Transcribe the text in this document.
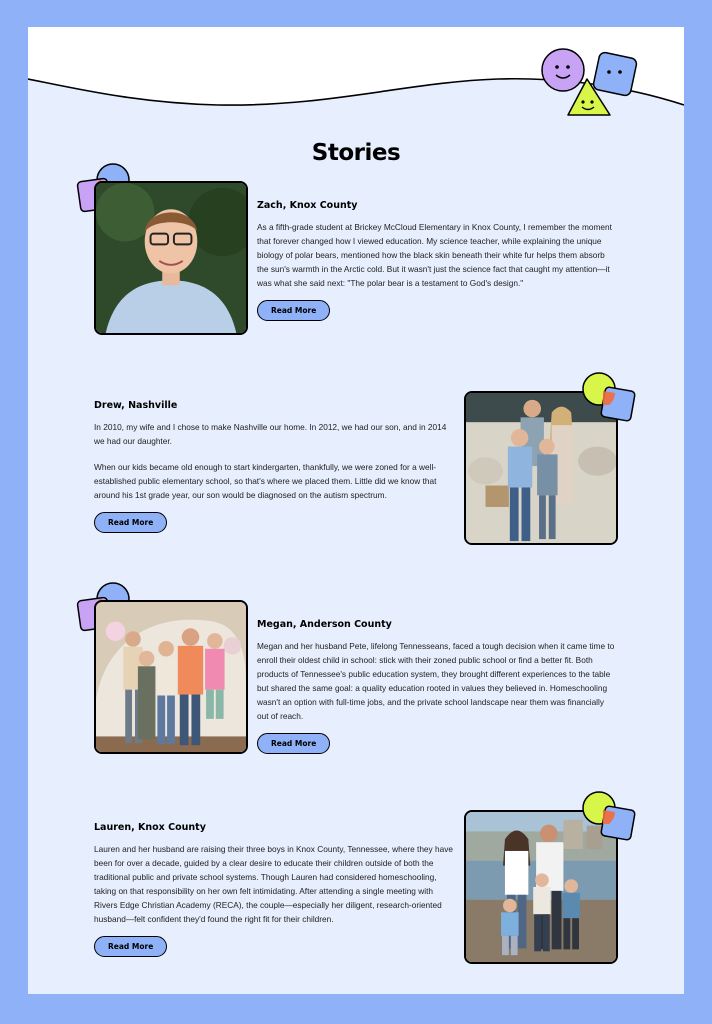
Stories
Zach, Knox County

As a fifth-grade student at Brickey McCloud Elementary in Knox County, I remember the moment that forever changed how I viewed education. My science teacher, while explaining the unique biology of polar bears, mentioned how the black skin beneath their white fur helps them absorb the sun's warmth in the Arctic cold. But it wasn't just the science fact that caught my attention—it was what she said next: "The polar bear is a testament to God's design."

Read More
Drew, Nashville

In 2010, my wife and I chose to make Nashville our home. In 2012, we had our son, and in 2014 we had our daughter.

When our kids became old enough to start kindergarten, thankfully, we were zoned for a well-established public elementary school, so that's where we placed them. Little did we know that around his 1st grade year, our son would be diagnosed on the autism spectrum.

Read More
Megan, Anderson County

Megan and her husband Pete, lifelong Tennesseans, faced a tough decision when it came time to enroll their oldest child in school: stick with their zoned public school or find a better fit. Both products of Tennessee's public education system, they brought different experiences to the table but shared the same goal: a quality education rooted in values they believed in. Homeschooling wasn't an option with full-time jobs, and the private school landscape near them was financially out of reach.

Read More
Lauren, Knox County

Lauren and her husband are raising their three boys in Knox County, Tennessee, where they have been for over a decade, guided by a clear desire to educate their children outside of both the traditional public and private school systems. Though Lauren had considered homeschooling, taking on that responsibility on her own felt intimidating. After attending a single meeting with Rivers Edge Christian Academy (RECA), the couple—especially her diligent, research-oriented husband—felt confident they'd found the right fit for their children.

Read More
